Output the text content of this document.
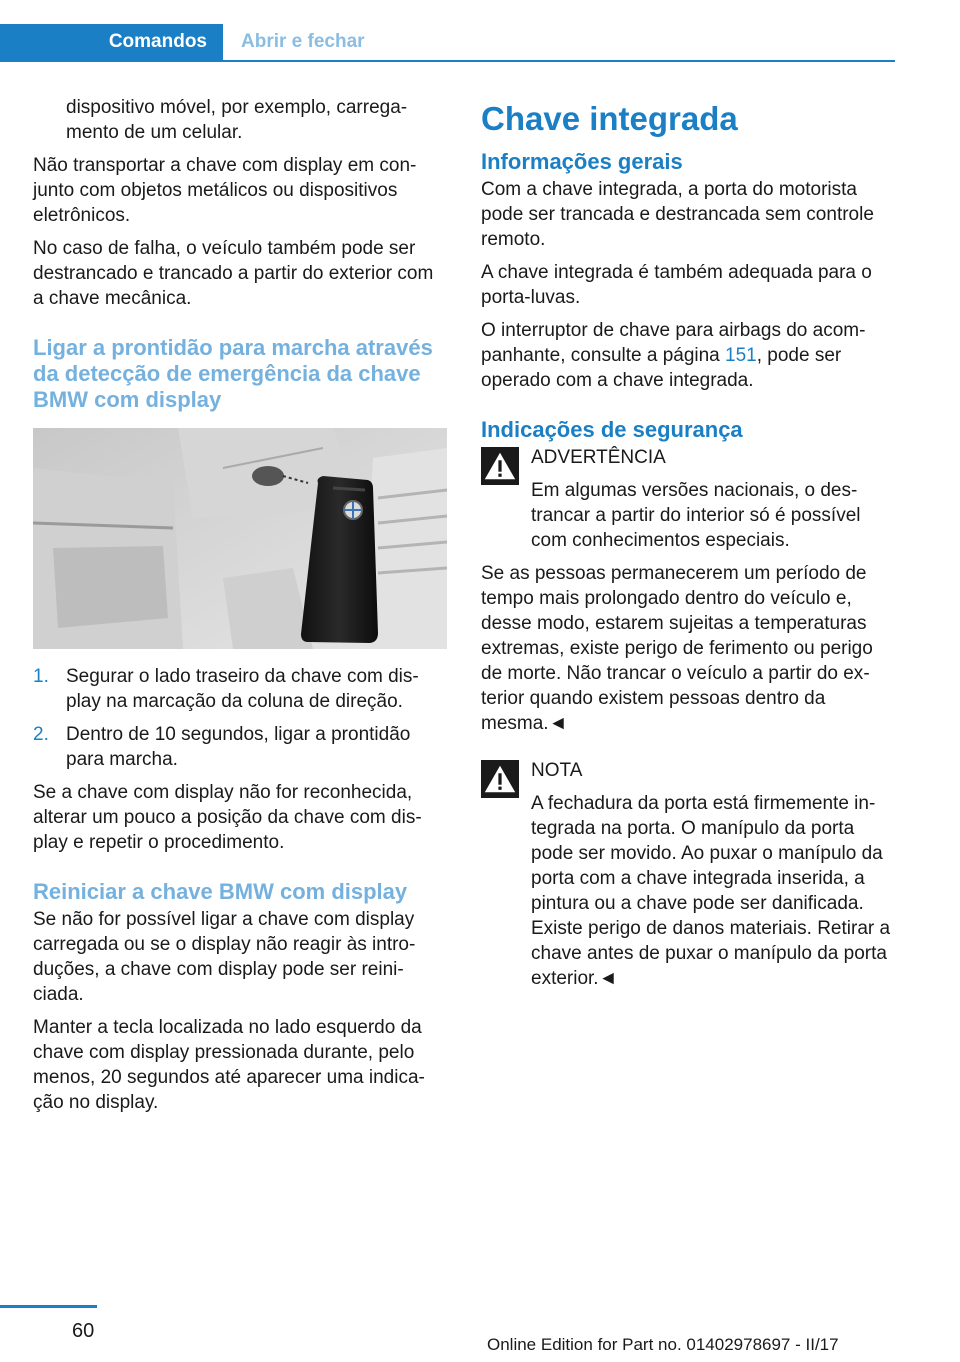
Comandos	Abrir e fechar

dispositivo móvel, por exemplo, carregamento de um celular.

Não transportar a chave com display em conjunto com objetos metálicos ou dispositivos eletrônicos.

No caso de falha, o veículo também pode ser destrancado e trancado a partir do exterior com a chave mecânica.

Ligar a prontidão para marcha através da detecção de emergência da chave BMW com display
1. Segurar o lado traseiro da chave com display na marcação da coluna de direção.
2. Dentro de 10 segundos, ligar a prontidão para marcha.

Se a chave com display não for reconhecida, alterar um pouco a posição da chave com display e repetir o procedimento.

Reiniciar a chave BMW com display

Se não for possível ligar a chave com display carregada ou se o display não reagir às introduções, a chave com display pode ser reiniciada.

Manter a tecla localizada no lado esquerdo da chave com display pressionada durante, pelo menos, 20 segundos até aparecer uma indicação no display.

Chave integrada
Informações gerais

Com a chave integrada, a porta do motorista pode ser trancada e destrancada sem controle remoto.

A chave integrada é também adequada para o porta-luvas.

O interruptor de chave para airbags do acompanhante, consulte a página 151, pode ser operado com a chave integrada.

Indicações de segurança
ADVERTÊNCIA

Em algumas versões nacionais, o destrancar a partir do interior só é possível com conhecimentos especiais.

Se as pessoas permanecerem um período de tempo mais prolongado dentro do veículo e, desse modo, estarem sujeitas a temperaturas extremas, existe perigo de ferimento ou perigo de morte. Não trancar o veículo a partir do exterior quando existem pessoas dentro da mesma.◄

NOTA

A fechadura da porta está firmemente integrada na porta. O manípulo da porta pode ser movido. Ao puxar o manípulo da porta com a chave integrada inserida, a pintura ou a chave pode ser danificada. Existe perigo de danos materiais. Retirar a chave antes de puxar o manípulo da porta exterior.◄

60
Online Edition for Part no. 01402978697 - II/17
